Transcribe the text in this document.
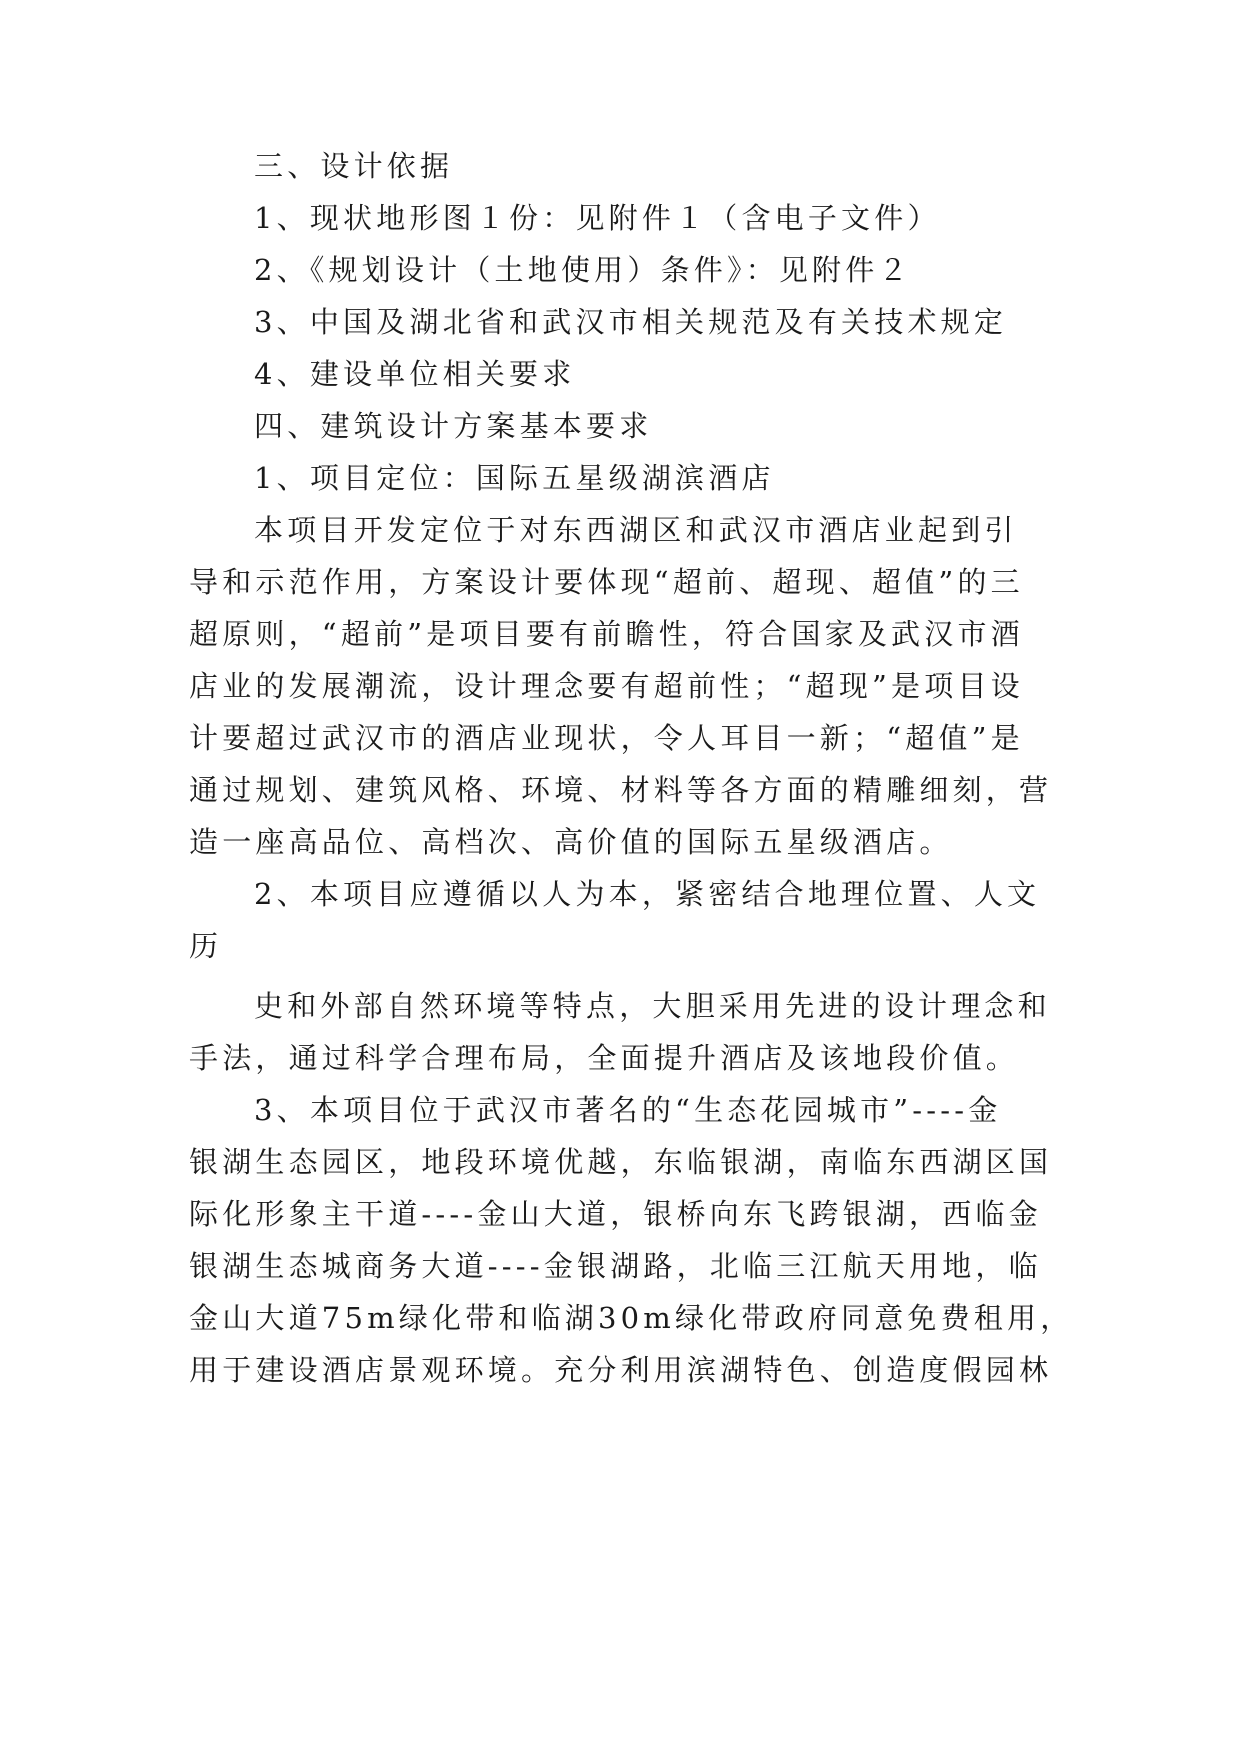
三、设计依据
1、现状地形图１份：见附件１（含电子文件）
2、《规划设计（土地使用）条件》：见附件２
3、中国及湖北省和武汉市相关规范及有关技术规定
4、建设单位相关要求
四、建筑设计方案基本要求
1、项目定位：国际五星级湖滨酒店
本项目开发定位于对东西湖区和武汉市酒店业起到引
导和示范作用，方案设计要体现“超前、超现、超值”的三
超原则，“超前”是项目要有前瞻性，符合国家及武汉市酒
店业的发展潮流，设计理念要有超前性；“超现”是项目设
计要超过武汉市的酒店业现状，令人耳目一新；“超值”是
通过规划、建筑风格、环境、材料等各方面的精雕细刻，营
造一座高品位、高档次、高价值的国际五星级酒店。
2、本项目应遵循以人为本，紧密结合地理位置、人文
历
史和外部自然环境等特点，大胆采用先进的设计理念和
手法，通过科学合理布局，全面提升酒店及该地段价值。
3、本项目位于武汉市著名的“生态花园城市”----金
银湖生态园区，地段环境优越，东临银湖，南临东西湖区国
际化形象主干道----金山大道，银桥向东飞跨银湖，西临金
银湖生态城商务大道----金银湖路，北临三江航天用地，临
金山大道75m绿化带和临湖30m绿化带政府同意免费租用，
用于建设酒店景观环境。充分利用滨湖特色、创造度假园林
